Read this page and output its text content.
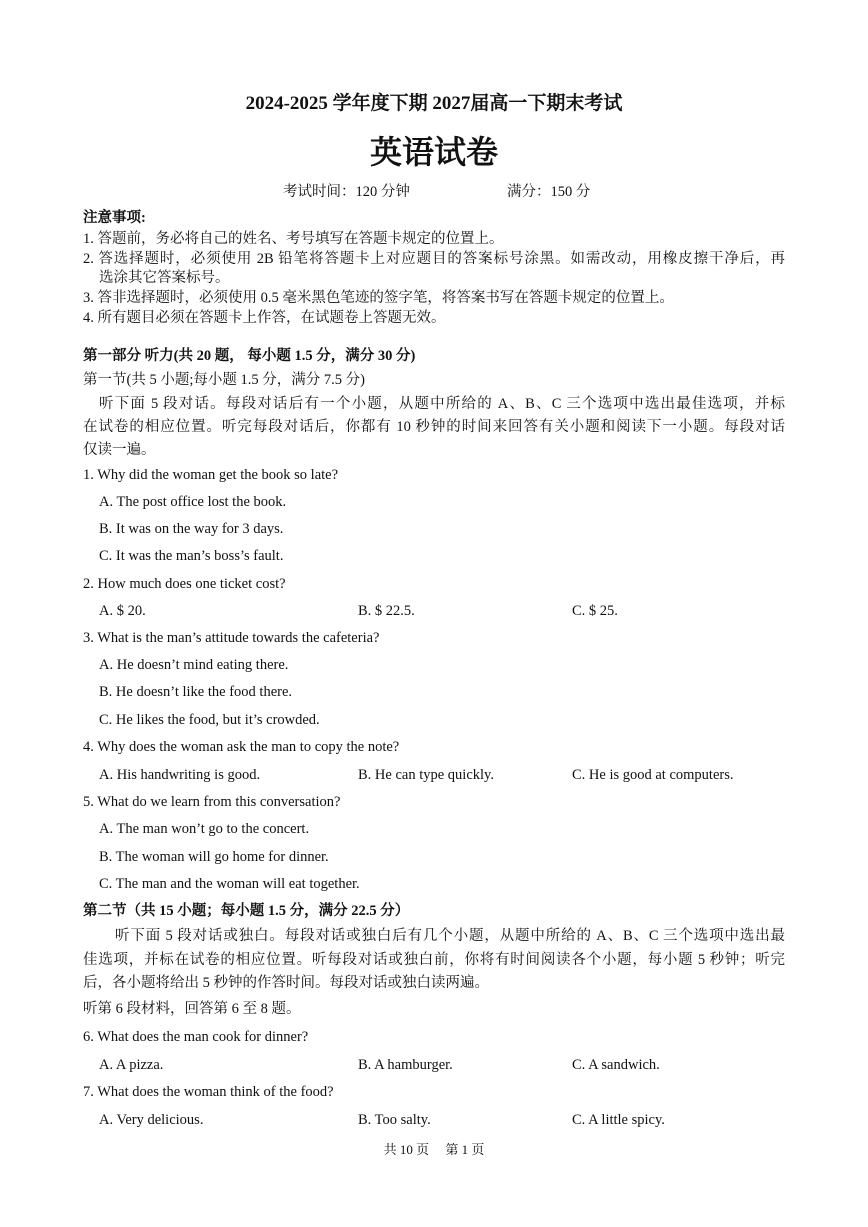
2024-2025 学年度下期 2027届高一下期末考试
英语试卷
考试时间：120 分钟	满分：150 分
注意事项:
1. 答题前，务必将自己的姓名、考号填写在答题卡规定的位置上。
2. 答选择题时，必须使用 2B 铅笔将答题卡上对应题目的答案标号涂黑。如需改动，用橡皮擦干净后，再
选涂其它答案标号。
3. 答非选择题时，必须使用 0.5 毫米黑色笔迹的签字笔，将答案书写在答题卡规定的位置上。
4. 所有题目必须在答题卡上作答，在试题卷上答题无效。
第一部分 听力(共 20 题， 每小题 1.5 分，满分 30 分)
第一节(共 5 小题;每小题 1.5 分，满分 7.5 分)
听下面 5 段对话。每段对话后有一个小题，从题中所给的 A、B、C 三个选项中选出最佳选项，并标
在试卷的相应位置。听完每段对话后，你都有 10 秒钟的时间来回答有关小题和阅读下一小题。每段对话
仅读一遍。
1. Why did the woman get the book so late?
A. The post office lost the book.
B. It was on the way for 3 days.
C. It was the man’s boss’s fault.
2. How much does one ticket cost?
A. $ 20.	B. $ 22.5.	C. $ 25.
3. What is the man’s attitude towards the cafeteria?
A. He doesn’t mind eating there.
B. He doesn’t like the food there.
C. He likes the food, but it’s crowded.
4. Why does the woman ask the man to copy the note?
A. His handwriting is good.	B. He can type quickly.	C. He is good at computers.
5. What do we learn from this conversation?
A. The man won’t go to the concert.
B. The woman will go home for dinner.
C. The man and the woman will eat together.
第二节（共 15 小题；每小题 1.5 分，满分 22.5 分）
听下面 5 段对话或独白。每段对话或独白后有几个小题，从题中所给的 A、B、C 三个选项中选出最
佳选项，并标在试卷的相应位置。听每段对话或独白前，你将有时间阅读各个小题，每小题 5 秒钟；听完
后，各小题将给出 5 秒钟的作答时间。每段对话或独白读两遍。
听第 6 段材料，回答第 6 至 8 题。
6. What does the man cook for dinner?
A. A pizza.	B. A hamburger.	C. A sandwich.
7. What does the woman think of the food?
A. Very delicious.	B. Too salty.	C. A little spicy.
共 10 页     第 1 页
